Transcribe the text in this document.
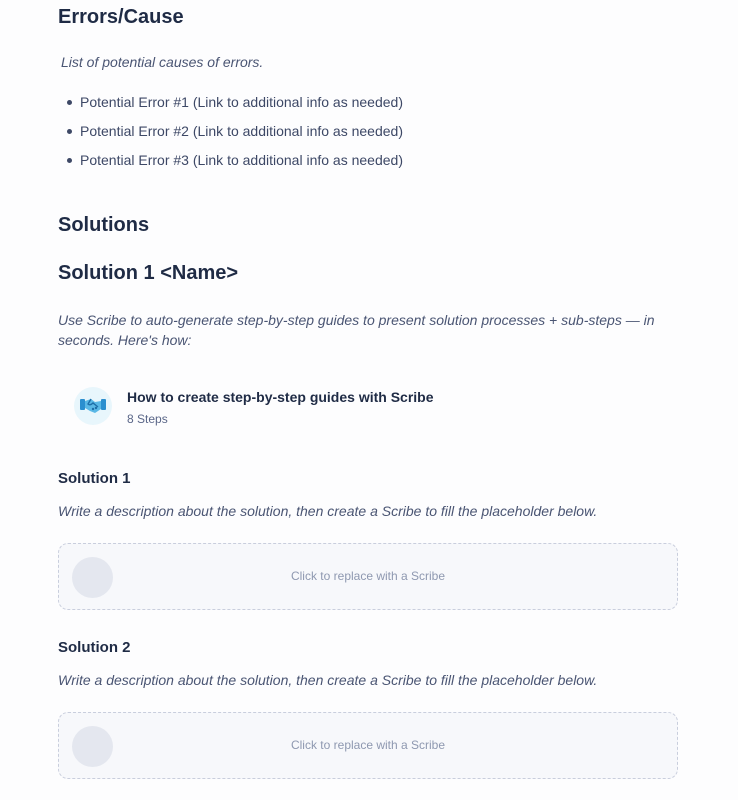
Errors/Cause

List of potential causes of errors.

Potential Error #1 (Link to additional info as needed)
Potential Error #2 (Link to additional info as needed)
Potential Error #3 (Link to additional info as needed)
Solutions
Solution 1 <Name>

Use Scribe to auto-generate step-by-step guides to present solution processes + sub-steps — in seconds. Here's how:

How to create step-by-step guides with Scribe
8 Steps
Solution 1

Write a description about the solution, then create a Scribe to fill the placeholder below.

Click to replace with a Scribe
Solution 2

Write a description about the solution, then create a Scribe to fill the placeholder below.

Click to replace with a Scribe
